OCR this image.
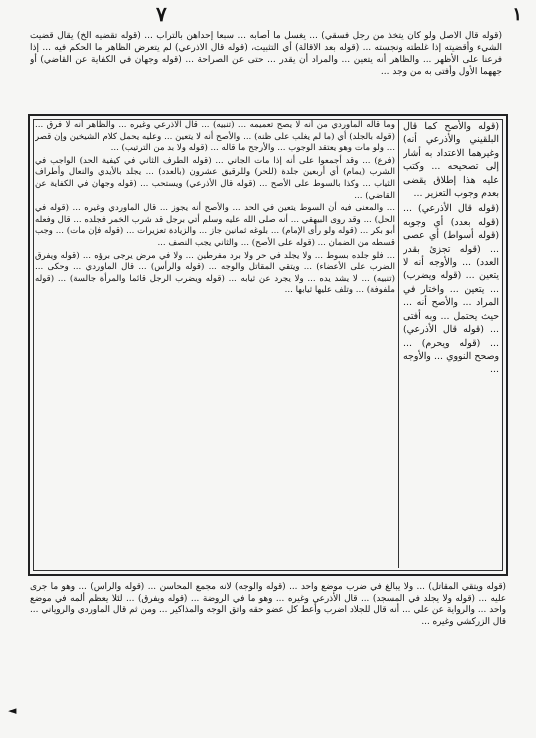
١
٧

(قوله قال الاصل ولو كان يتخذ من رجل فسقي) ... يغسل ما أصابه ... سبعا إحداهن بالتراب ... (قوله تقضيه الخ) يقال قضيت الشيء وأقضيته إذا غلطته ونجسته ... (قوله بعد الاقالة) أي التثبيت، (قوله قال الاذرعي) لم يتعرض الظاهر ما الحكم فيه ... إذا فرعنا على الأظهر ... والظاهر أنه يتعين ... والمراد أن يقدر ... حتى عن الصراحة ... (قوله وجهان في الكفاية عن القاضي) أو جههما الأول وأفتى به من وجد ...

وما قاله الماوردي من أنه لا يصح تعميمه ... (تنبيه) ... قال الاذرعي وغيره ... والظاهر أنه لا فرق ... (قوله بالجلد) أي (ما لم يغلب على ظنه) ... والأصح أنه لا يتعين ... وعليه يحمل كلام الشيخين وإن قصر ... ولو مات وهو يعتقد الوجوب ... والأرجح ما قاله ... (قوله ولا بد من الترتيب) ...

(فرع) ... وقد أجمعوا على أنه إذا مات الجاني ... (قوله الطرف الثاني في كيفية الحد) الواجب في الشرب (يمام) أي أربعين جلدة (للحر) وللرقيق عشرون (بالعدد) ... يجلد بالأيدي والنعال وأطراف الثياب ... وكذا بالسوط على الأصح ... (قوله قال الأذرعي) ويستحب ... (قوله وجهان في الكفاية عن القاضي) ...

... والمعنى فيه أن السوط يتعين في الحد ... والأصح أنه يجوز ... قال الماوردي وغيره ... (قوله في الحل) ... وقد روى البيهقي ... أنه صلى الله عليه وسلم أتي برجل قد شرب الخمر فجلده ... قال وفعله أبو بكر ... (قوله ولو رأى الإمام) ... بلوغه ثمانين جاز ... والزيادة تعزيرات ... (قوله فإن مات) ... وجب قسطه من الضمان ... (قوله على الأصح) ... والثاني يجب النصف ...

... فلو جلده بسوط ... ولا يجلد في حر ولا برد مفرطين ... ولا في مرض يرجى برؤه ... (قوله ويفرق الضرب على الأعضاء) ... ويتقي المقاتل والوجه ... (قوله والرأس) ... قال الماوردي ... وحكى ... (تنبيه) ... لا يشد يده ... ولا يجرد عن ثيابه ... (قوله ويضرب الرجل قائما والمرأة جالسة) ... (قوله ملفوفة) ... وتلف عليها ثيابها ...

(قوله والأصح كما قال البلقيني والأذرعي أنه) وغيرهما الاعتداد به أشار إلى تصحيحه ... وكتب عليه هذا إطلاق يقضى بعدم وجوب التعزير ...

(قوله قال الأذرعي) ... (قوله بعدد) أي وجوبه (قوله أسواط) أي عصى ... (قوله تجزئ بقدر العدد) ... والأوجه أنه لا يتعين ... (قوله ويضرب) ... يتعين ... واختار في المراد ... والأصح أنه ... حيث يحتمل ... وبه أفتى ... (قوله قال الأذرعي) ... (قوله ويحرم) ... وصحح النووي ... والأوجه ...

(قوله ويتقي المقاتل) ... ولا يبالغ في ضرب موضع واحد ... (قوله والوجه) لأنه مجمع المحاسن ... (قوله والرأس) ... وهو ما جرى عليه ... (قوله ولا يجلد في المسجد) ... قال الأذرعي وغيره ... وهو ما في الروضة ... (قوله ويفرق) ... لئلا يعظم ألمه في موضع واحد ... والرواية عن علي ... أنه قال للجلاد اضرب وأعط كل عضو حقه واتق الوجه والمذاكير ... ومن ثم قال الماوردي والروياني ... قال الزركشي وغيره ...

◄
